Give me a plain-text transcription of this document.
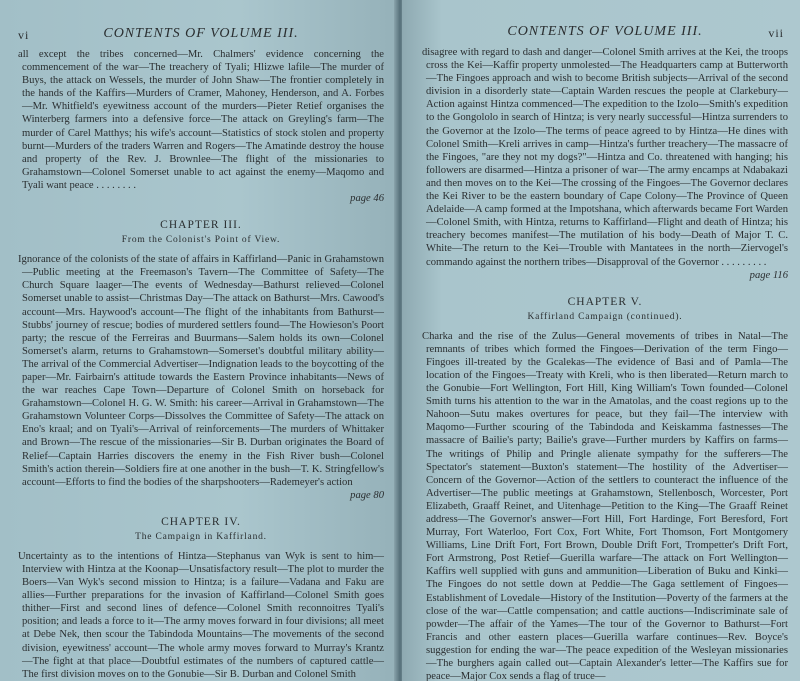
vi	CONTENTS OF VOLUME III.

all except the tribes concerned—Mr. Chalmers' evidence concerning the commencement of the war—The treachery of Tyali; Hlizwe lafile—The murder of Buys, the attack on Wessels, the murder of John Shaw—The frontier completely in the hands of the Kaffirs—Murders of Cramer, Mahoney, Henderson, and A. Forbes—Mr. Whitfield's eyewitness account of the murders—Pieter Retief organises the Winterberg farmers into a defensive force—The attack on Greyling's farm—The murder of Carel Matthys; his wife's account—Statistics of stock stolen and property burnt—Murders of the traders Warren and Rogers—The Amatinde destroy the house and property of the Rev. J. Brownlee—The flight of the missionaries to Grahamstown—Colonel Somerset unable to act against the enemy—Maqomo and Tyali want peace . . . . . . . .

page 46
CHAPTER III.
From the Colonist's Point of View.

Ignorance of the colonists of the state of affairs in Kaffirland—Panic in Grahamstown—Public meeting at the Freemason's Tavern—The Committee of Safety—The Church Square laager—The events of Wednesday—Bathurst relieved—Colonel Somerset unable to assist—Christmas Day—The attack on Bathurst—Mrs. Cawood's account—Mrs. Haywood's account—The flight of the inhabitants from Bathurst—Stubbs' journey of rescue; bodies of murdered settlers found—The Howieson's Poort party; the rescue of the Ferreiras and Buurmans—Salem holds its own—Colonel Somerset's alarm, returns to Grahamstown—Somerset's doubtful military ability—The arrival of the Commercial Advertiser—Indignation leads to the boycotting of the paper—Mr. Fairbairn's attitude towards the Eastern Province inhabitants—News of the war reaches Cape Town—Departure of Colonel Smith on horseback for Grahamstown—Colonel H. G. W. Smith: his career—Arrival in Grahamstown—The Grahamstown Volunteer Corps—Dissolves the Committee of Safety—The attack on Eno's kraal; and on Tyali's—Arrival of reinforcements—The murders of Whittaker and Brown—The rescue of the missionaries—Sir B. Durban originates the Board of Relief—Captain Harries discovers the enemy in the Fish River bush—Colonel Smith's action therein—Soldiers fire at one another in the bush—T. K. Stringfellow's account—Efforts to find the bodies of the sharpshooters—Rademeyer's action

page 80
CHAPTER IV.
The Campaign in Kaffirland.

Uncertainty as to the intentions of Hintza—Stephanus van Wyk is sent to him—Interview with Hintza at the Koonap—Unsatisfactory result—The plot to murder the Boers—Van Wyk's second mission to Hintza; is a failure—Vadana and Faku are allies—Further preparations for the invasion of Kaffirland—Colonel Smith goes thither—First and second lines of defence—Colonel Smith reconnoitres Tyali's position; and leads a force to it—The army moves forward in four divisions; all meet at Debe Nek, then scour the Tabindoda Mountains—The movements of the second division, eyewitness' account—The whole army moves forward to Murray's Krantz—The fight at that place—Doubtful estimates of the numbers of captured cattle—The first division moves on to the Gonubie—Sir B. Durban and Colonel Smith

CONTENTS OF VOLUME III.	vii

disagree with regard to dash and danger—Colonel Smith arrives at the Kei, the troops cross the Kei—Kaffir property unmolested—The Headquarters camp at Butterworth—The Fingoes approach and wish to become British subjects—Arrival of the second division in a disorderly state—Captain Warden rescues the people at Clarkebury—Action against Hintza commenced—The expedition to the Izolo—Smith's expedition to the Gongololo in search of Hintza; is very nearly successful—Hintza surrenders to the Governor at the Izolo—The terms of peace agreed to by Hintza—He dines with Colonel Smith—Kreli arrives in camp—Hintza's further treachery—The massacre of the Fingoes, "are they not my dogs?"—Hintza and Co. threatened with hanging; his followers are disarmed—Hintza a prisoner of war—The army encamps at Ndabakazi and then moves on to the Kei—The crossing of the Fingoes—The Governor declares the Kei River to be the eastern boundary of Cape Colony—The Province of Queen Adelaide—A camp formed at the Impotshana, which afterwards became Fort Warden—Colonel Smith, with Hintza, returns to Kaffirland—Flight and death of Hintza; his treachery becomes manifest—The mutilation of his body—Death of Major T. C. White—The return to the Kei—Trouble with Mantatees in the north—Ziervogel's commando against the northern tribes—Disapproval of the Governor . . . . . . . . .

page 116
CHAPTER V.
Kaffirland Campaign (continued).

Charka and the rise of the Zulus—General movements of tribes in Natal—The remnants of tribes which formed the Fingoes—Derivation of the term Fingo—Fingoes ill-treated by the Gcalekas—The evidence of Basi and of Pamla—The location of the Fingoes—Treaty with Kreli, who is then liberated—Return march to the Gonubie—Fort Wellington, Fort Hill, King William's Town founded—Colonel Smith turns his attention to the war in the Amatolas, and the coast regions up to the Nahoon—Sutu makes overtures for peace, but they fail—The interview with Maqomo—Further scouring of the Tabindoda and Keiskamma fastnesses—The massacre of Bailie's party; Bailie's grave—Further murders by Kaffirs on farms—The writings of Philip and Pringle alienate sympathy for the sufferers—The Spectator's statement—Buxton's statement—The hostility of the Advertiser—Concern of the Governor—Action of the settlers to counteract the influence of the Advertiser—The public meetings at Grahamstown, Stellenbosch, Worcester, Port Elizabeth, Graaff Reinet, and Uitenhage—Petition to the King—The Graaff Reinet address—The Governor's answer—Fort Hill, Fort Hardinge, Fort Beresford, Fort Murray, Fort Waterloo, Fort Cox, Fort White, Fort Thomson, Fort Montgomery Williams, Line Drift Fort, Fort Brown, Double Drift Fort, Trompetter's Drift Fort, Fort Armstrong, Post Retief—Guerilla warfare—The attack on Fort Wellington—Kaffirs well supplied with guns and ammunition—Liberation of Buku and Kinki—The Fingoes do not settle down at Peddie—The Gaga settlement of Fingoes—Establishment of Lovedale—History of the Institution—Poverty of the farmers at the close of the war—Cattle compensation; and cattle auctions—Indiscriminate sale of powder—The affair of the Yames—The tour of the Governor to Bathurst—Fort Francis and other eastern places—Guerilla warfare continues—Rev. Boyce's suggestion for ending the war—The peace expedition of the Wesleyan missionaries—The burghers again called out—Captain Alexander's letter—The Kaffirs sue for peace—Major Cox sends a flag of truce—
